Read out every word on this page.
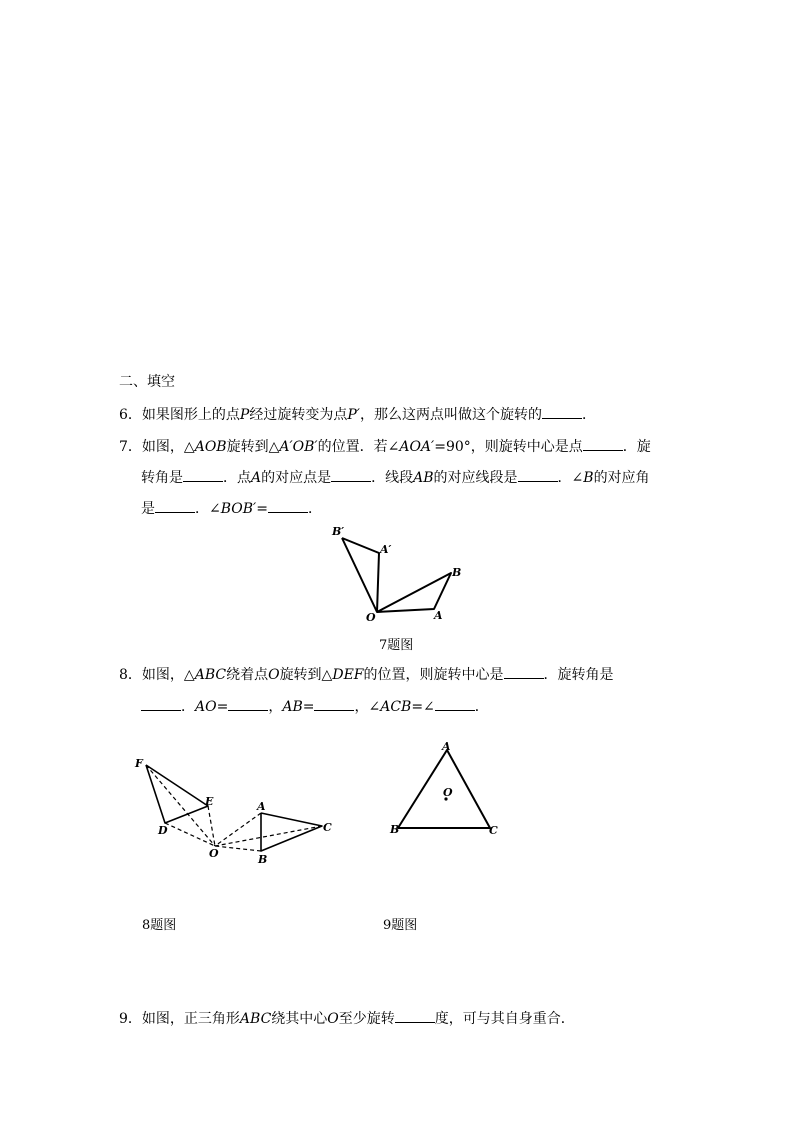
二、填空
6．如果图形上的点P经过旋转变为点P′，那么这两点叫做这个旋转的	．
7．如图，△AOB旋转到△A′OB′的位置．若∠AOA′=90°，则旋转中心是点	．旋
转角是	．点A的对应点是	．线段AB的对应线段是	．∠B的对应角
是	．∠BOB′=	．
B′
A′
B
O	A
7题图
8．如图，△ABC绕着点O旋转到△DEF的位置，则旋转中心是	．旋转角是
．AO=	，AB=	，∠ACB=∠	．
F
E
D
O
A
B
C
A
O
B	C
8题图	9题图
9．如图，正三角形ABC绕其中心O至少旋转	度，可与其自身重合．
